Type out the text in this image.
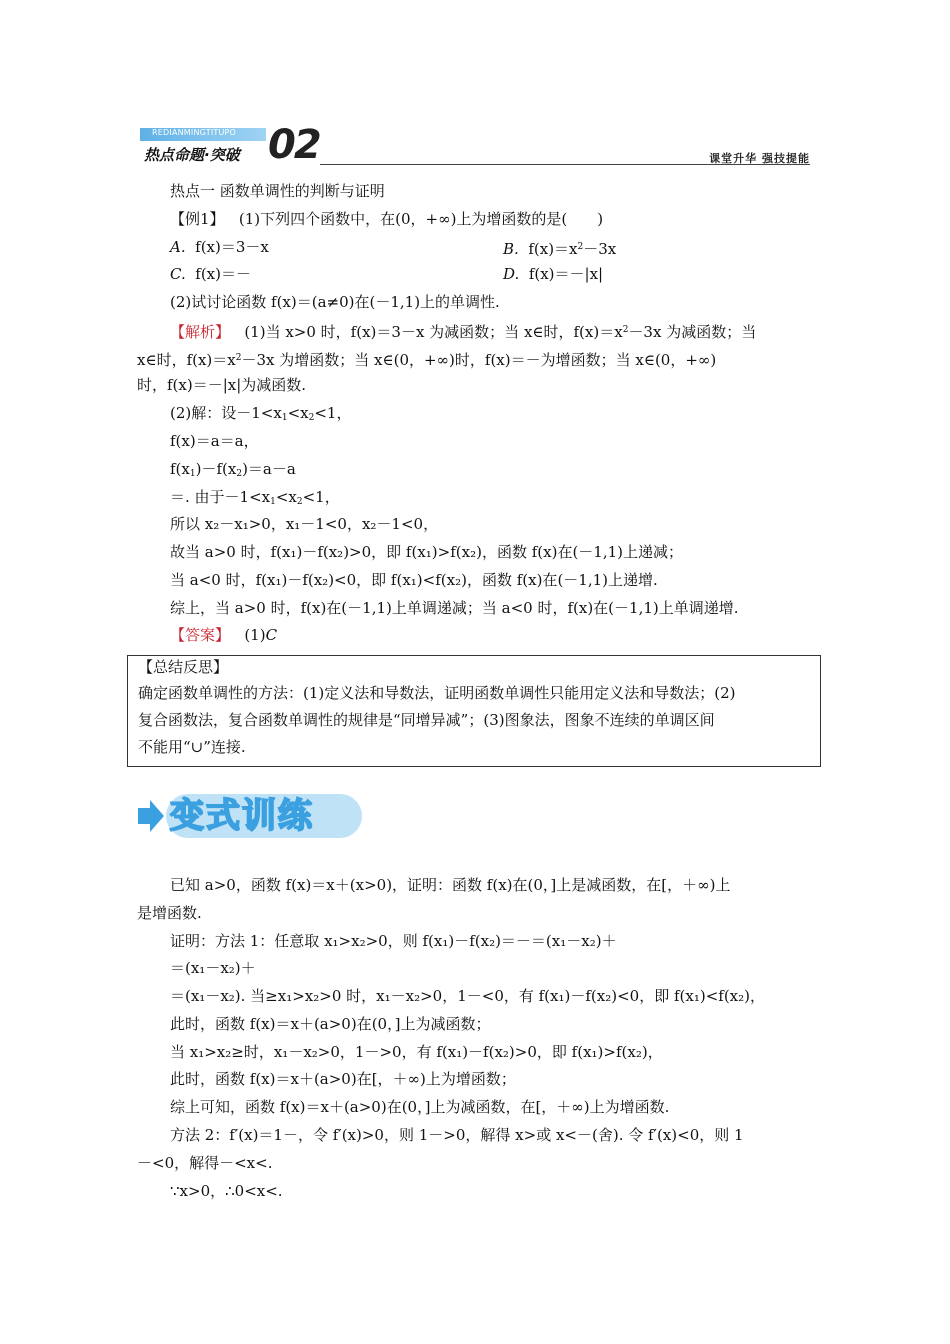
REDIANMINGTITUPO
热点命题·突破 02	课堂升华 强技提能
热点一 函数单调性的判断与证明
【例1】 (1)下列四个函数中，在(0，+∞)上为增函数的是(　　)
A. f(x)＝3－x	B. $f(x)=x^2-3x$
C. f(x)＝－	D. f(x)＝－|x|
(2)试讨论函数 f(x)＝(a≠0)在(－1,1)上的单调性.
【解析】 (1)当 x>0 时，f(x)＝3－x 为减函数；当 x∈时，$f(x)=x^2-3x$ 为减函数；当
x∈时，$f(x)=x^2-3x$ 为增函数；当 x∈(0，+∞)时，f(x)＝－为增函数；当 x∈(0，+∞)
时，f(x)＝－|x|为减函数.
(2)解：设$-1<x_1<x_2<1$，
f(x)＝a＝a，
$f(x_1)-f(x_2)=a-a$
＝. 由于$-1<x_1<x_2<1$，
所以 x₂－x₁>0，x₁－1<0，x₂－1<0，
故当 a>0 时，f(x₁)－f(x₂)>0，即 f(x₁)>f(x₂)，函数 f(x)在(－1,1)上递减；
当 a<0 时，f(x₁)－f(x₂)<0，即 f(x₁)<f(x₂)，函数 f(x)在(－1,1)上递增.
综上，当 a>0 时，f(x)在(－1,1)上单调递减；当 a<0 时，f(x)在(－1,1)上单调递增.
【答案】 (1)C
【总结反思】
确定函数单调性的方法：(1)定义法和导数法，证明函数单调性只能用定义法和导数法；(2)
复合函数法，复合函数单调性的规律是“同增异减”；(3)图象法，图象不连续的单调区间
不能用“∪”连接.
变式训练
已知 a>0，函数 f(x)＝x＋(x>0)，证明：函数 f(x)在(0，]上是减函数，在[，＋∞)上
是增函数.
证明：方法 1：任意取 x₁>x₂>0，则 f(x₁)－f(x₂)＝－＝(x₁－x₂)＋
＝(x₁－x₂)＋
＝(x₁－x₂). 当≥x₁>x₂>0 时，x₁－x₂>0，1－<0，有 f(x₁)－f(x₂)<0，即 f(x₁)<f(x₂)，
此时，函数 f(x)＝x＋(a>0)在(0，]上为减函数；
当 x₁>x₂≥时，x₁－x₂>0，1－>0，有 f(x₁)－f(x₂)>0，即 f(x₁)>f(x₂)，
此时，函数 f(x)＝x＋(a>0)在[，＋∞)上为增函数；
综上可知，函数 f(x)＝x＋(a>0)在(0，]上为减函数，在[，＋∞)上为增函数.
方法 2：f′(x)＝1－，令 f′(x)>0，则 1－>0，解得 x>或 x<－(舍). 令 f′(x)<0，则 1
－<0，解得－<x<.
∵x>0，∴0<x<.
